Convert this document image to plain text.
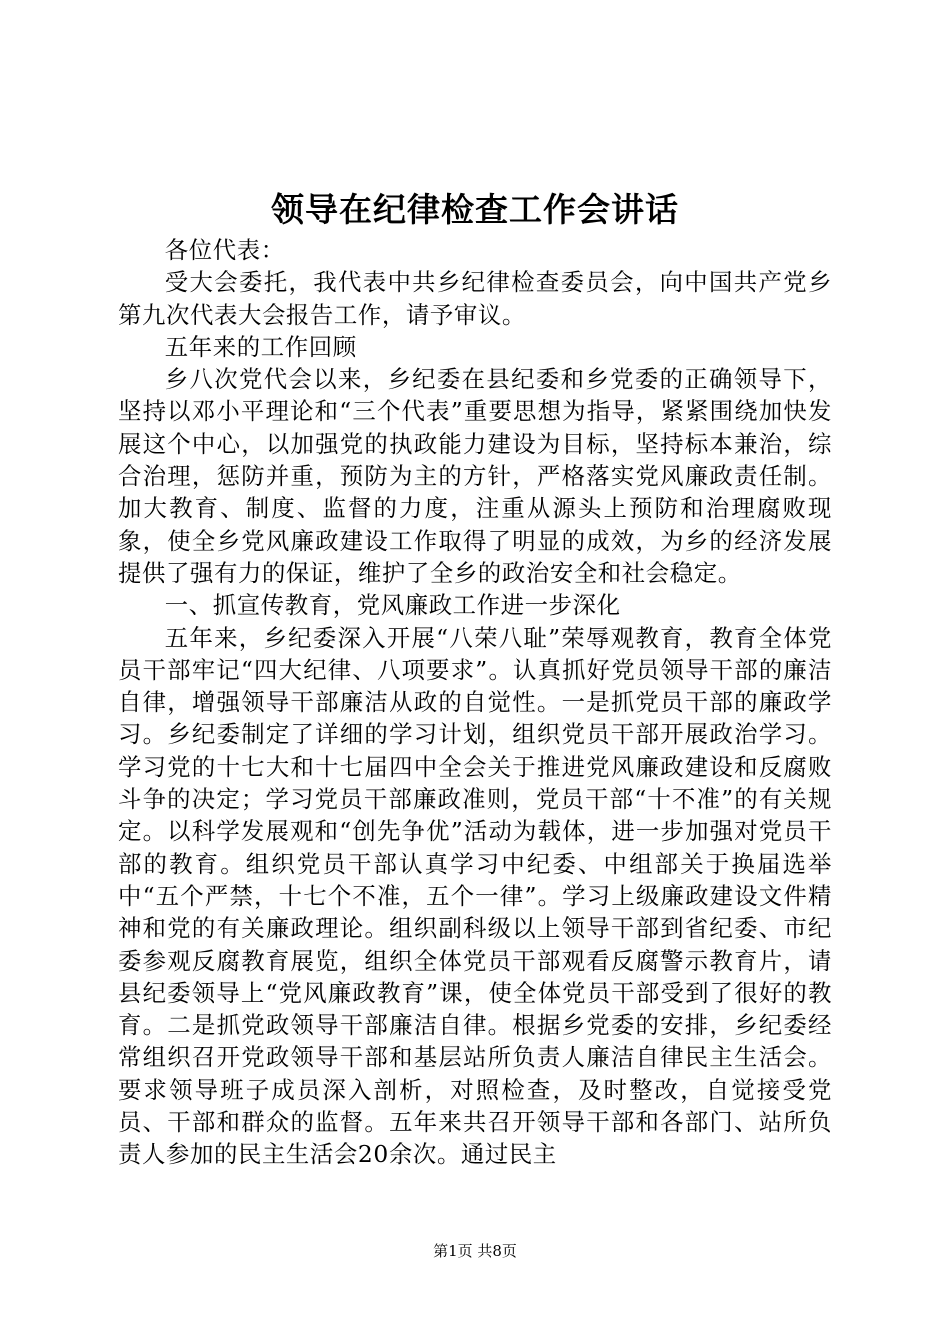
领导在纪律检查工作会讲话

各位代表：

受大会委托，我代表中共乡纪律检查委员会，向中国共产党乡第九次代表大会报告工作，请予审议。

五年来的工作回顾

乡八次党代会以来，乡纪委在县纪委和乡党委的正确领导下，坚持以邓小平理论和“三个代表”重要思想为指导，紧紧围绕加快发展这个中心，以加强党的执政能力建设为目标，坚持标本兼治，综合治理，惩防并重，预防为主的方针，严格落实党风廉政责任制。加大教育、制度、监督的力度，注重从源头上预防和治理腐败现象，使全乡党风廉政建设工作取得了明显的成效，为乡的经济发展提供了强有力的保证，维护了全乡的政治安全和社会稳定。

一、抓宣传教育，党风廉政工作进一步深化

五年来，乡纪委深入开展“八荣八耻”荣辱观教育，教育全体党员干部牢记“四大纪律、八项要求”。认真抓好党员领导干部的廉洁自律，增强领导干部廉洁从政的自觉性。一是抓党员干部的廉政学习。乡纪委制定了详细的学习计划，组织党员干部开展政治学习。学习党的十七大和十七届四中全会关于推进党风廉政建设和反腐败斗争的决定；学习党员干部廉政准则，党员干部“十不准”的有关规定。以科学发展观和“创先争优”活动为载体，进一步加强对党员干部的教育。组织党员干部认真学习中纪委、中组部关于换届选举中“五个严禁，十七个不准，五个一律”。学习上级廉政建设文件精神和党的有关廉政理论。组织副科级以上领导干部到省纪委、市纪委参观反腐教育展览，组织全体党员干部观看反腐警示教育片，请县纪委领导上“党风廉政教育”课，使全体党员干部受到了很好的教育。二是抓党政领导干部廉洁自律。根据乡党委的安排，乡纪委经常组织召开党政领导干部和基层站所负责人廉洁自律民主生活会。要求领导班子成员深入剖析，对照检查，及时整改，自觉接受党员、干部和群众的监督。五年来共召开领导干部和各部门、站所负责人参加的民主生活会20余次。通过民主

第1页 共8页
